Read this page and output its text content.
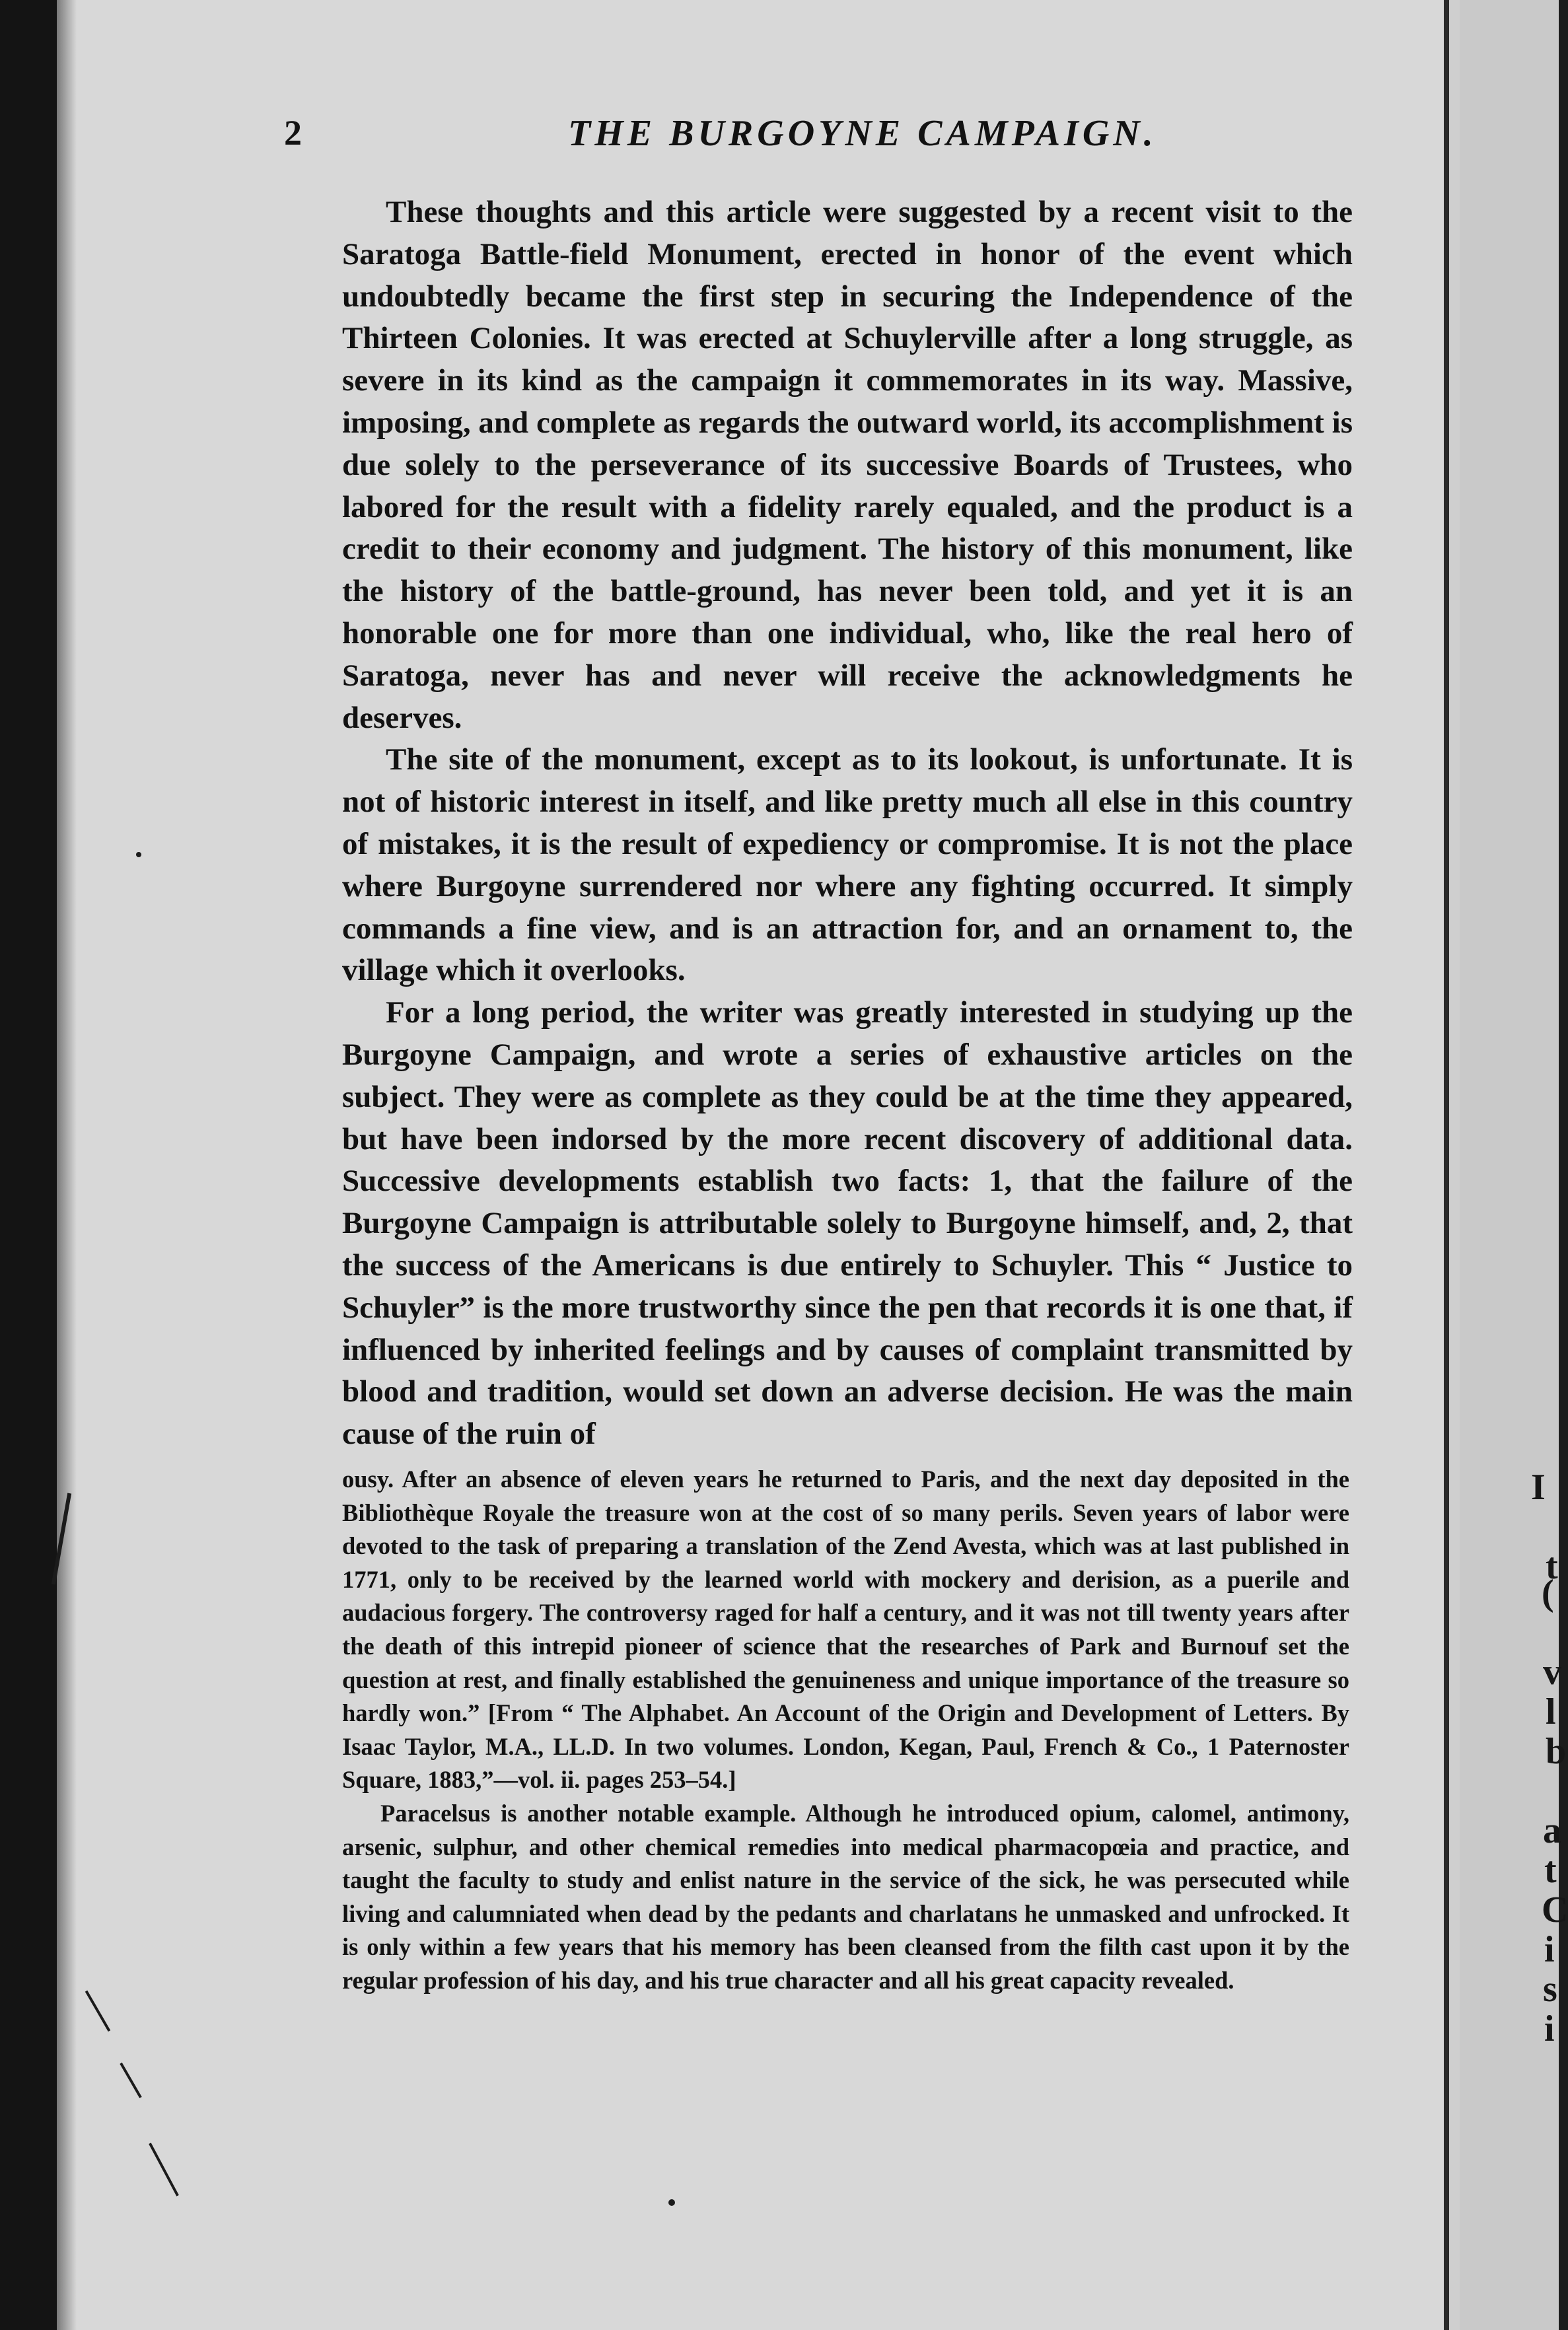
2	THE BURGOYNE CAMPAIGN.

These thoughts and this article were suggested by a recent visit to the Saratoga Battle-field Monument, erected in honor of the event which undoubtedly became the first step in securing the Independence of the Thirteen Colonies. It was erected at Schuylerville after a long struggle, as severe in its kind as the campaign it commemorates in its way. Massive, imposing, and complete as regards the outward world, its accomplishment is due solely to the perseverance of its successive Boards of Trustees, who labored for the result with a fidelity rarely equaled, and the product is a credit to their economy and judgment. The history of this monument, like the history of the battle-ground, has never been told, and yet it is an honorable one for more than one individual, who, like the real hero of Saratoga, never has and never will receive the acknowledgments he deserves.

The site of the monument, except as to its lookout, is unfortunate. It is not of historic interest in itself, and like pretty much all else in this country of mistakes, it is the result of expediency or compromise. It is not the place where Burgoyne surrendered nor where any fighting occurred. It simply commands a fine view, and is an attraction for, and an ornament to, the village which it overlooks.

For a long period, the writer was greatly interested in studying up the Burgoyne Campaign, and wrote a series of exhaustive articles on the subject. They were as complete as they could be at the time they appeared, but have been indorsed by the more recent discovery of additional data. Successive developments establish two facts: 1, that the failure of the Burgoyne Campaign is attributable solely to Burgoyne himself, and, 2, that the success of the Americans is due entirely to Schuyler. This “ Justice to Schuyler” is the more trustworthy since the pen that records it is one that, if influenced by inherited feelings and by causes of complaint transmitted by blood and tradition, would set down an adverse decision. He was the main cause of the ruin of

ousy. After an absence of eleven years he returned to Paris, and the next day deposited in the Bibliothèque Royale the treasure won at the cost of so many perils. Seven years of labor were devoted to the task of preparing a translation of the Zend Avesta, which was at last published in 1771, only to be received by the learned world with mockery and derision, as a puerile and audacious forgery. The controversy raged for half a century, and it was not till twenty years after the death of this intrepid pioneer of science that the researches of Park and Burnouf set the question at rest, and finally established the genuineness and unique importance of the treasure so hardly won.” [From “ The Alphabet. An Account of the Origin and Development of Letters. By Isaac Taylor, M.A., LL.D. In two volumes. London, Kegan, Paul, French & Co., 1 Paternoster Square, 1883,”—vol. ii. pages 253–54.]

Paracelsus is another notable example. Although he introduced opium, calomel, antimony, arsenic, sulphur, and other chemical remedies into medical pharmacopœia and practice, and taught the faculty to study and enlist nature in the service of the sick, he was persecuted while living and calumniated when dead by the pedants and charlatans he unmasked and unfrocked. It is only within a few years that his memory has been cleansed from the filth cast upon it by the regular profession of his day, and his true character and all his great capacity revealed.

I
t
(
v
l
b
a
t
C
i
s
i
